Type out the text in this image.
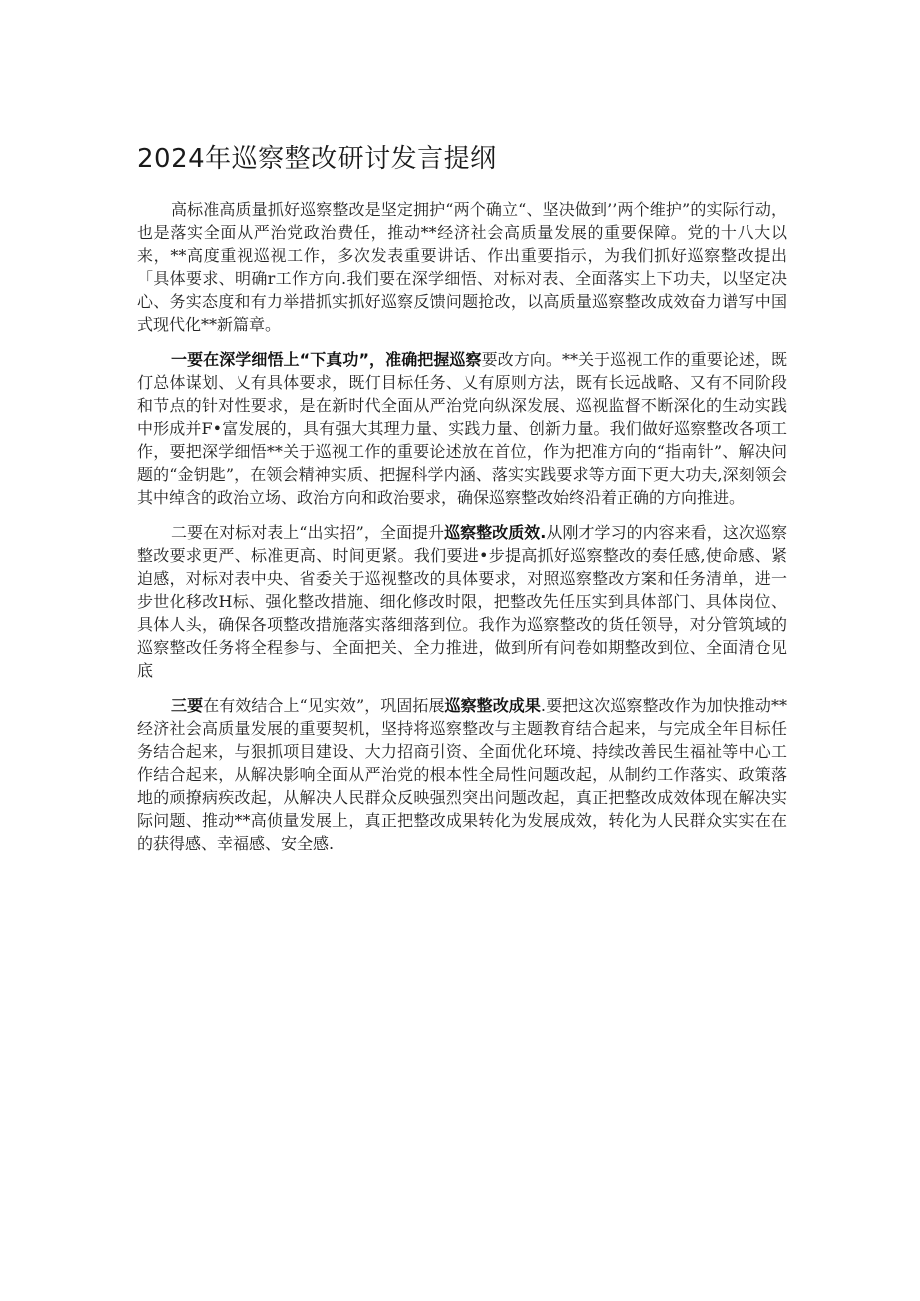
2024年巡察整改研讨发言提纲

高标准高质量抓好巡察整改是坚定拥护“两个确立“、坚决做到’’两个维护”的实际行动，也是落实全面从严治党政治费任，推动**经济社会高质量发展的重要保障。党的十八大以来，**高度重视巡视工作，多次发表重要讲话、作出重要指示，为我们抓好巡察整改提出「具体要求、明确r工作方向.我们要在深学细悟、对标对表、全面落实上下功夫，以坚定决心、务实态度和有力举措抓实抓好巡察反馈问题抢改，以高质量巡察整改成效奋力谱写中国式现代化**新篇章。

一要在深学细悟上“下真功”，准确把握巡察要改方向。**关于巡视工作的重要论述，既仃总体谋划、乂有具体要求，既仃目标任务、乂有原则方法，既有长远战略、又有不同阶段和节点的针对性要求，是在新时代全面从严治党向纵深发展、巡视监督不断深化的生动实践中形成并F•富发展的，具有强大其理力量、实践力量、创新力量。我们做好巡察整改各项工作，要把深学细悟**关于巡视工作的重要论述放在首位，作为把准方向的“指南针”、解决问题的“金钥匙”，在领会精神实质、把握科学内涵、落实实践要求等方面下更大功夫,深刻领会其中绰含的政治立场、政治方向和政治要求，确保巡察整改始终沿着正确的方向推进。

二要在对标对表上“出实招”，全面提升巡察整改质效.从刚才学习的内容来看，这次巡察整改要求更严、标准更高、时间更紧。我们要进•步提高抓好巡察整改的奏任感,使命感、紧迫感，对标对表中央、省委关于巡视整改的具体要求，对照巡察整改方案和任务清单，进一步世化移改H标、强化整改措施、细化修改时限，把整改先任压实到具体部门、具体岗位、具体人头，确保各项整改措施落实落细落到位。我作为巡察整改的货任领导，对分管筑域的巡察整改任务将全程参与、全面把关、全力推进，做到所有问卷如期整改到位、全面清仓见底

三要在有效结合上“见实效”，巩固拓展巡察整改成果.要把这次巡察整改作为加快推动**经济社会高质量发展的重要契机，坚持将巡察整改与主题教育结合起来，与完成全年目标任务结合起来，与狠抓项目建设、大力招商引资、全面优化环境、持续改善民生福祉等中心工作结合起来，从解决影响全面从严治党的根本性全局性问题改起，从制约工作落实、政策落地的顽撩病疾改起，从解决人民群众反映强烈突出问题改起，真正把整改成效体现在解决实际问题、推动**高侦量发展上，真正把整改成果转化为发展成效，转化为人民群众实实在在的获得感、幸福感、安全感.
